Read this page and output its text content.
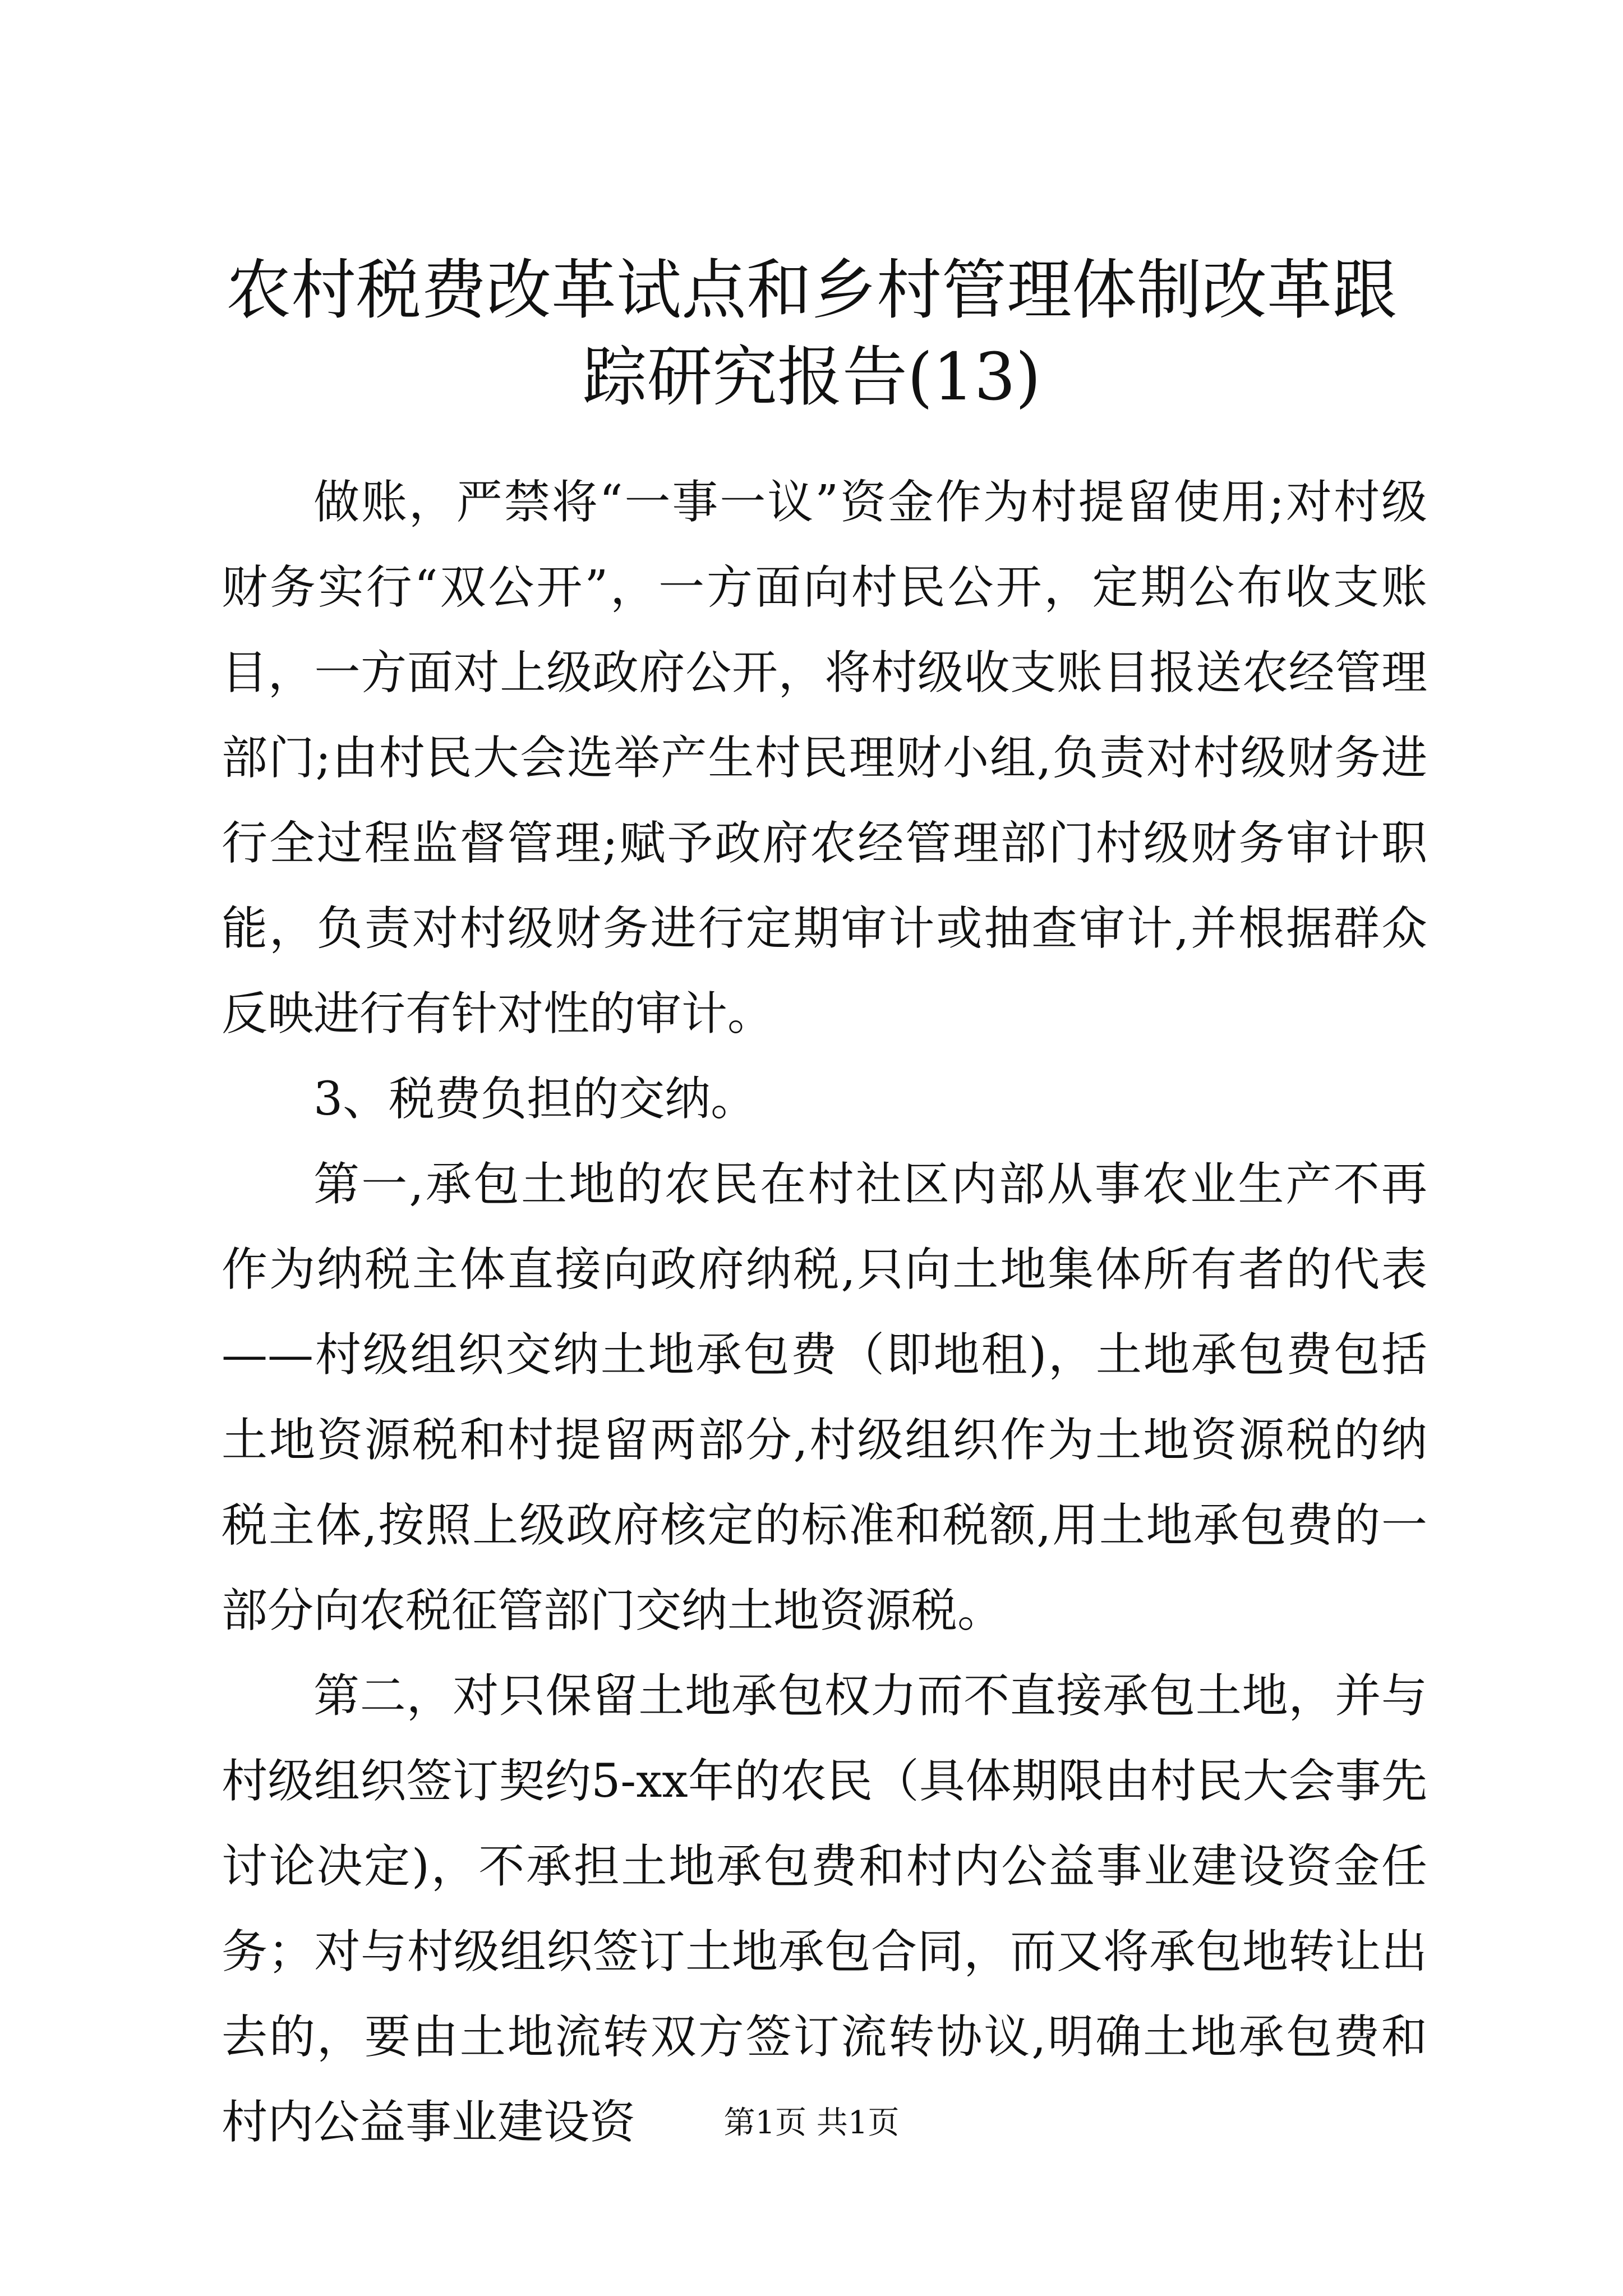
农村税费改革试点和乡村管理体制改革跟踪研究报告(13)

做账，严禁将“一事一议”资金作为村提留使用;对村级财务实行“双公开”，一方面向村民公开，定期公布收支账目，一方面对上级政府公开，将村级收支账目报送农经管理部门;由村民大会选举产生村民理财小组,负责对村级财务进行全过程监督管理;赋予政府农经管理部门村级财务审计职能，负责对村级财务进行定期审计或抽查审计,并根据群众反映进行有针对性的审计。

3、税费负担的交纳。

第一,承包土地的农民在村社区内部从事农业生产不再作为纳税主体直接向政府纳税,只向土地集体所有者的代表——村级组织交纳土地承包费（即地租)，土地承包费包括土地资源税和村提留两部分,村级组织作为土地资源税的纳税主体,按照上级政府核定的标准和税额,用土地承包费的一部分向农税征管部门交纳土地资源税。

第二，对只保留土地承包权力而不直接承包土地，并与村级组织签订契约5-xx年的农民（具体期限由村民大会事先讨论决定)，不承担土地承包费和村内公益事业建设资金任务；对与村级组织签订土地承包合同，而又将承包地转让出去的，要由土地流转双方签订流转协议,明确土地承包费和村内公益事业建设资	第1页 共1页
